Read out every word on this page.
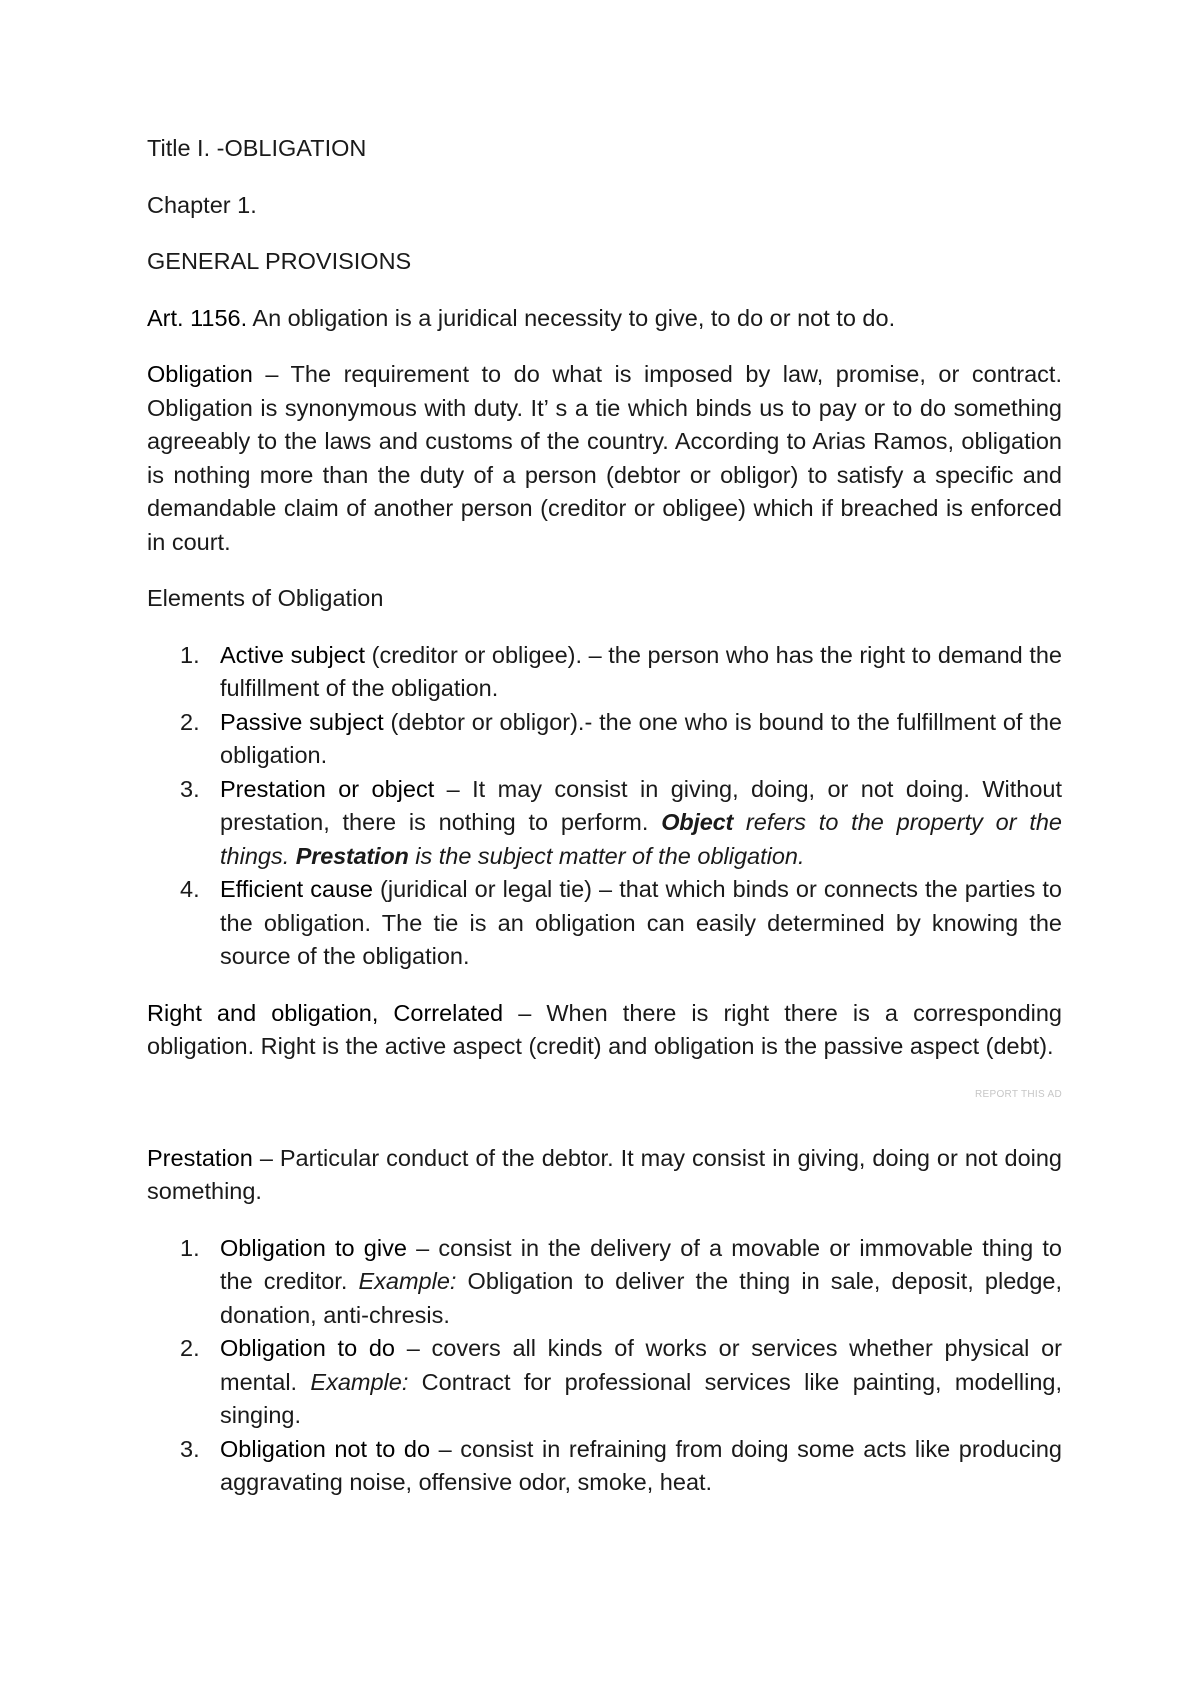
Title I. -OBLIGATION

Chapter 1.

GENERAL PROVISIONS

Art. 1156. An obligation is a juridical necessity to give, to do or not to do.

Obligation – The requirement to do what is imposed by law, promise, or contract. Obligation is synonymous with duty. It’ s a tie which binds us to pay or to do something agreeably to the laws and customs of the country. According to Arias Ramos, obligation is nothing more than the duty of a person (debtor or obligor) to satisfy a specific and demandable claim of another person (creditor or obligee) which if breached is enforced in court.

Elements of Obligation

1. Active subject (creditor or obligee). – the person who has the right to demand the fulfillment of the obligation.
2. Passive subject (debtor or obligor).- the one who is bound to the fulfillment of the obligation.
3. Prestation or object – It may consist in giving, doing, or not doing. Without prestation, there is nothing to perform. Object refers to the property or the things. Prestation is the subject matter of the obligation.
4. Efficient cause (juridical or legal tie) – that which binds or connects the parties to the obligation. The tie is an obligation can easily determined by knowing the source of the obligation.

Right and obligation, Correlated – When there is right there is a corresponding obligation. Right is the active aspect (credit) and obligation is the passive aspect (debt).

REPORT THIS AD

Prestation – Particular conduct of the debtor. It may consist in giving, doing or not doing something.

1. Obligation to give – consist in the delivery of a movable or immovable thing to the creditor. Example: Obligation to deliver the thing in sale, deposit, pledge, donation, anti-chresis.
2. Obligation to do – covers all kinds of works or services whether physical or mental. Example: Contract for professional services like painting, modelling, singing.
3. Obligation not to do – consist in refraining from doing some acts like producing aggravating noise, offensive odor, smoke, heat.
